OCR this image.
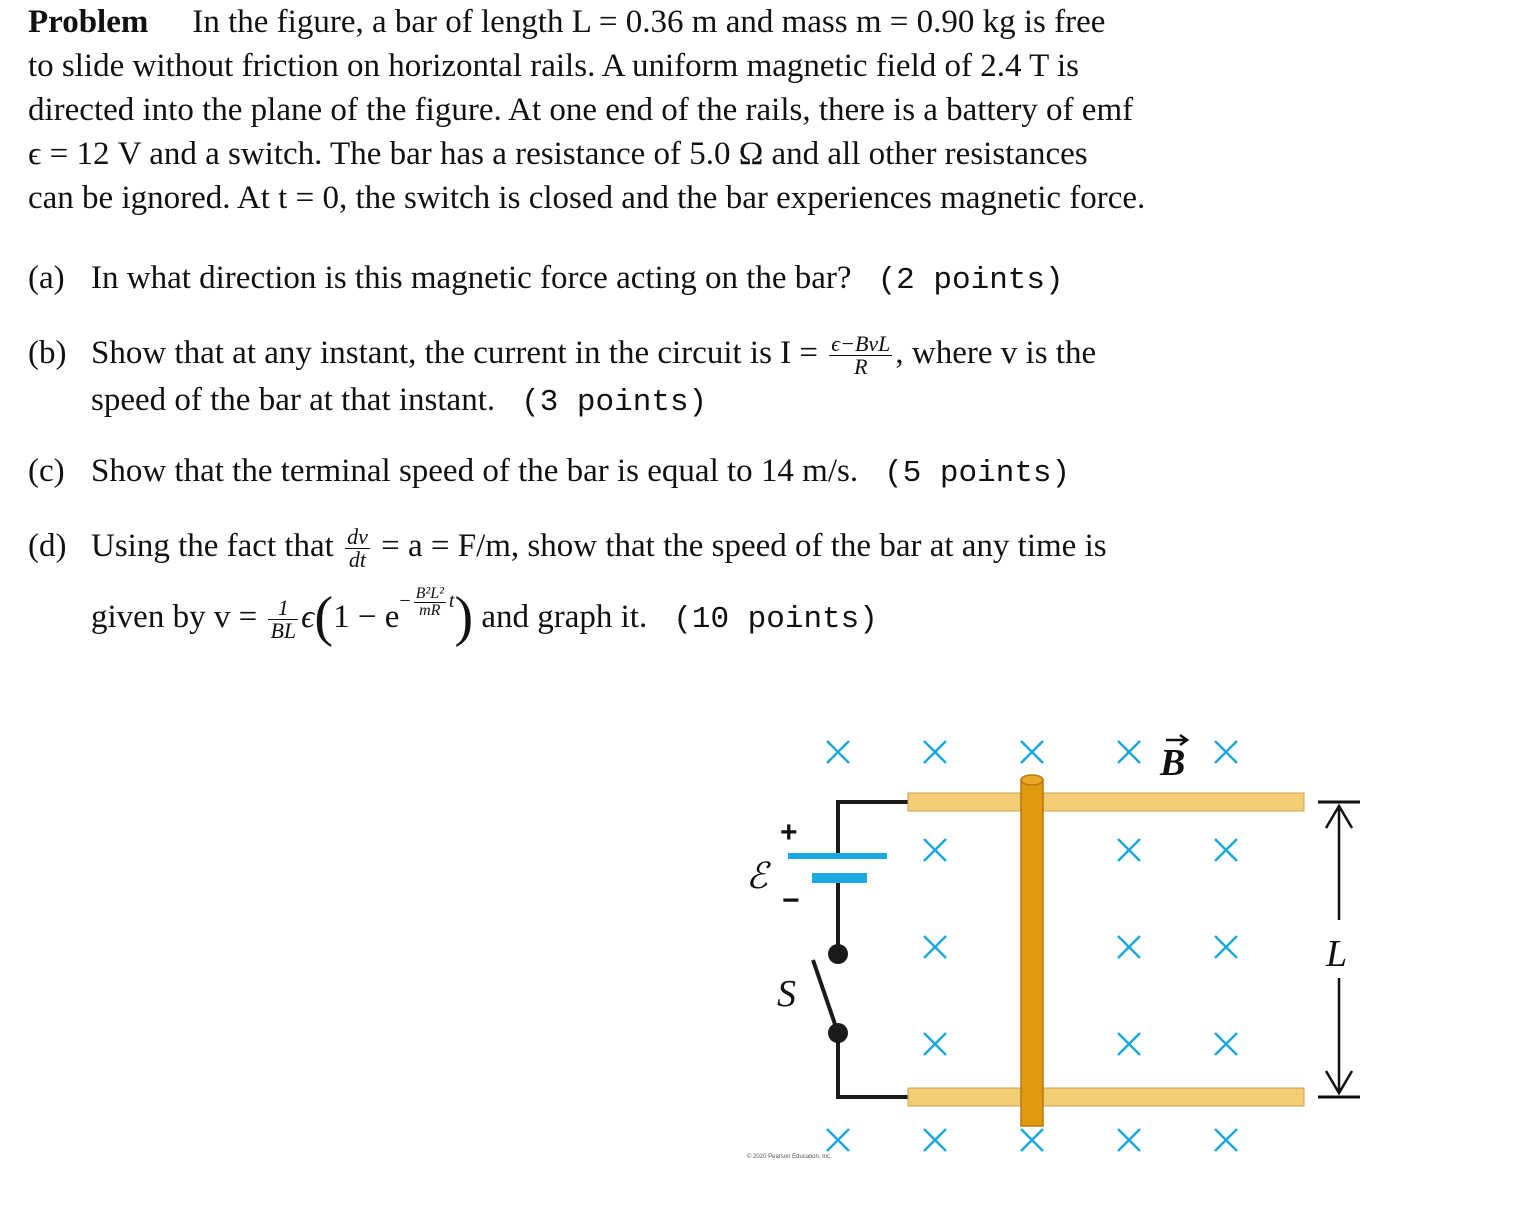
Problem In the figure, a bar of length L = 0.36 m and mass m = 0.90 kg is free
to slide without friction on horizontal rails. A uniform magnetic field of 2.4 T is
directed into the plane of the figure. At one end of the rails, there is a battery of emf
ϵ = 12 V and a switch. The bar has a resistance of 5.0 Ω and all other resistances
can be ignored. At t = 0, the switch is closed and the bar experiences magnetic force.
(a) In what direction is this magnetic force acting on the bar? (2 points)
(b) Show that at any instant, the current in the circuit is $I = \frac{\text{ϵ−BvL}}{R}$ , where v is the
speed of the bar at that instant. (3 points)
(c) Show that the terminal speed of the bar is equal to 14 m/s. (5 points)
(d) Using the fact that $\frac{dv}{dt} = a = F/m$, show that the speed of the bar at any time is
given by $v = \frac{1}{BL} \epsilon(1 - e^{- \frac{\text{B²L²}}{mR} t})$ and graph it. (10 points)
+
−
ℰ
S
B
L
© 2020 Pearson Education, Inc.
